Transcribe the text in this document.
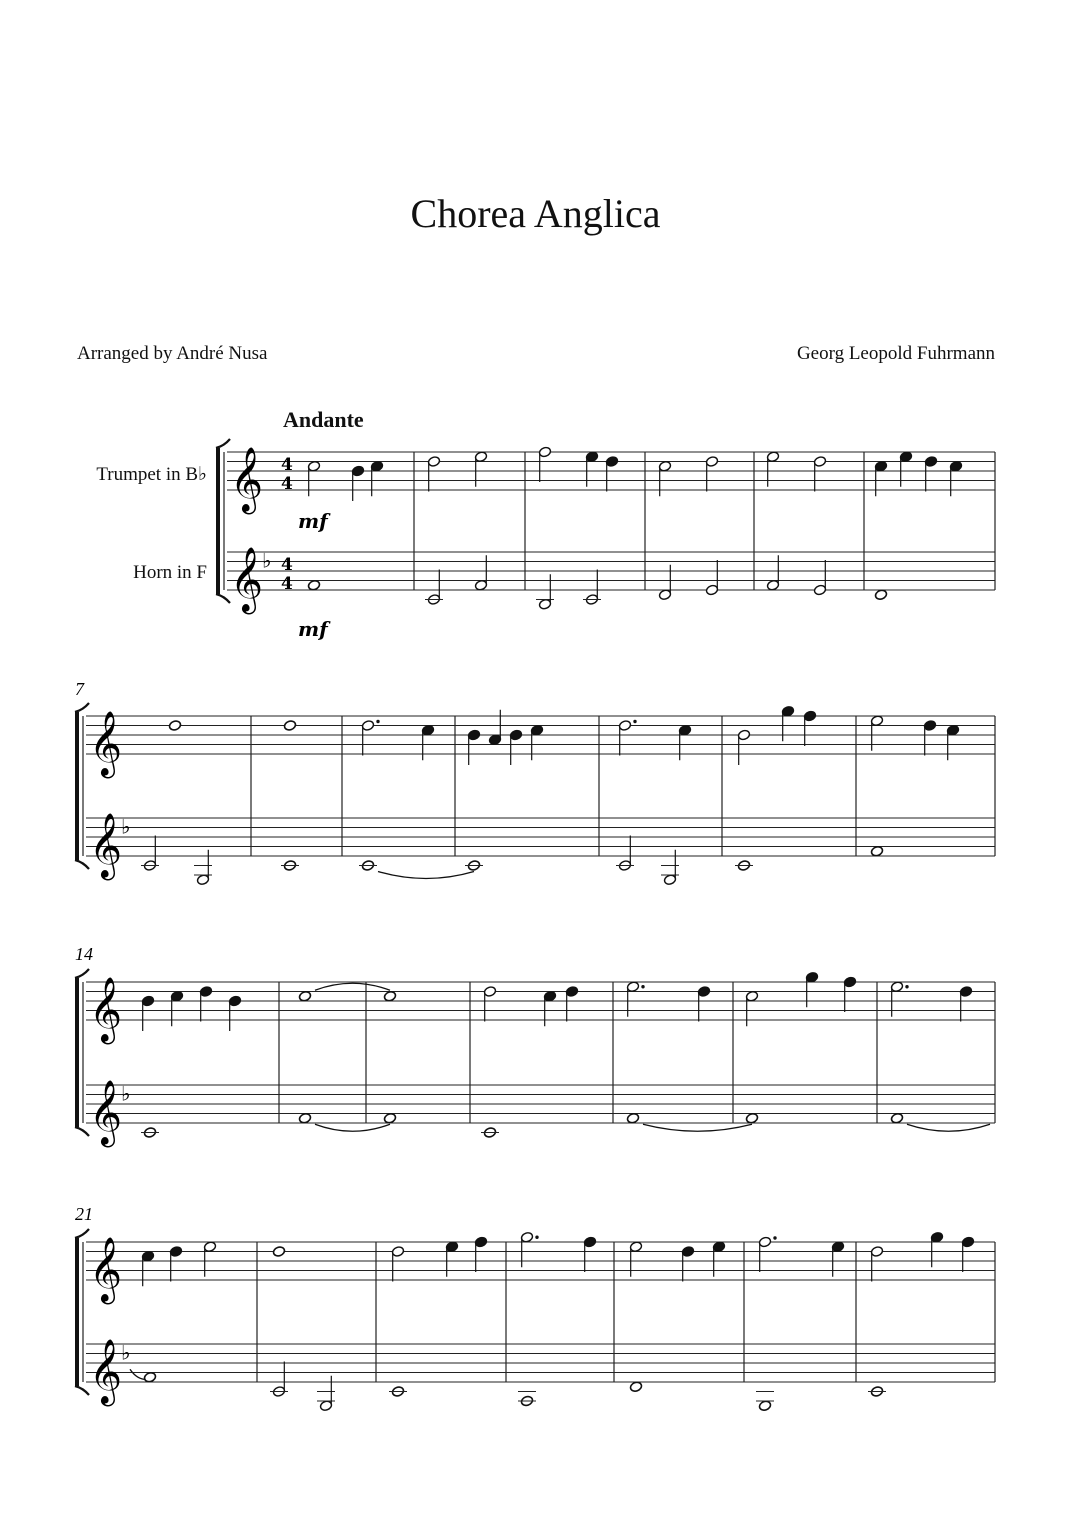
Chorea Anglica
Arranged by André Nusa	Georg Leopold Fuhrmann
Andante
Trumpet in B♭
Horn in F
𝄞
𝄞
♭
4
4
4
4
mf
mf
𝄞
𝄞
♭
7
𝄞
𝄞
♭
14
𝄞
𝄞
♭
21
